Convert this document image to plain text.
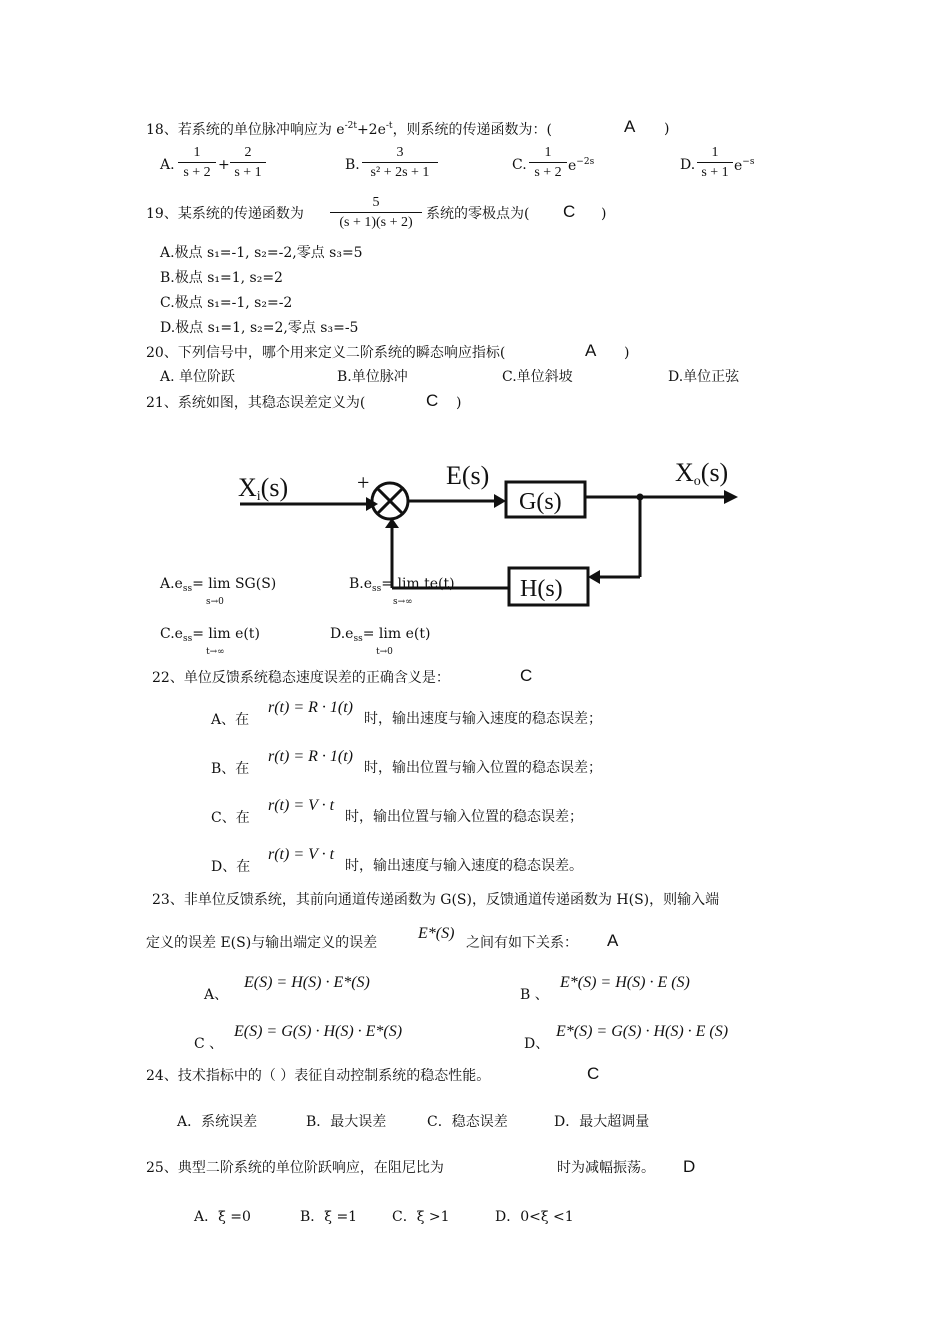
18、若系统的单位脉冲响应为 $e^{-2t}+2e^{-t}$，则系统的传递函数为：(	A )
A. $\frac{1}{s + 2} + \frac{2}{s + 1}$	B. $\frac{3}{\text{s² + 2s + 1}}$	C. $\frac{1}{s + 2} e^{-2s}$	D. $\frac{1}{s + 1} e^{-s}$
19、某系统的传递函数为 $\frac{5}{(s + 1)(s + 2)}$ 系统的零极点为( C )
A.极点 s₁=-1, s₂=-2,零点 s₃=5
B.极点 s₁=1, s₂=2
C.极点 s₁=-1, s₂=-2
D.极点 s₁=1, s₂=2,零点 s₃=-5
20、下列信号中，哪个用来定义二阶系统的瞬态响应指标(	A )
A. 单位阶跃	B.单位脉冲	C.单位斜坡	D.单位正弦
21、系统如图，其稳态误差定义为(	C )
Xi(s)	+	E(s)
G(s)
Xo(s)
H(s)
$A.e_{ss}= \lim SG(S)$
s→0
$B.e_{ss}= \lim te(t)$
s→∞
$C.e_{ss}= \lim e(t)$
t→∞
$D.e_{ss}= \lim e(t)$
t→0
22、单位反馈系统稳态速度误差的正确含义是：	C
A、在
r(t) = R · 1(t)
时，输出速度与输入速度的稳态误差；
B、在
r(t) = R · 1(t)
时，输出位置与输入位置的稳态误差；
C、在
r(t) = V · t
时，输出位置与输入位置的稳态误差；
D、在
r(t) = V · t
时，输出速度与输入速度的稳态误差。
23、非单位反馈系统，其前向通道传递函数为 G(S)，反馈通道传递函数为 H(S)，则输入端
定义的误差 E(S)与输出端定义的误差
E*(S)
之间有如下关系： A
A、
E(S) = H(S) · E*(S)
B 、
E*(S) = H(S) · E (S)
C 、
E(S) = G(S) · H(S) · E*(S)
D、
E*(S) = G(S) · H(S) · E (S)
24、技术指标中的（ ）表征自动控制系统的稳态性能。	C
A．系统误差	B．最大误差	C．稳态误差	D．最大超调量
25、典型二阶系统的单位阶跃响应，在阻尼比为	时为减幅振荡。 D
A．ξ =0	B．ξ =1 C．ξ >1	D．0<ξ <1
